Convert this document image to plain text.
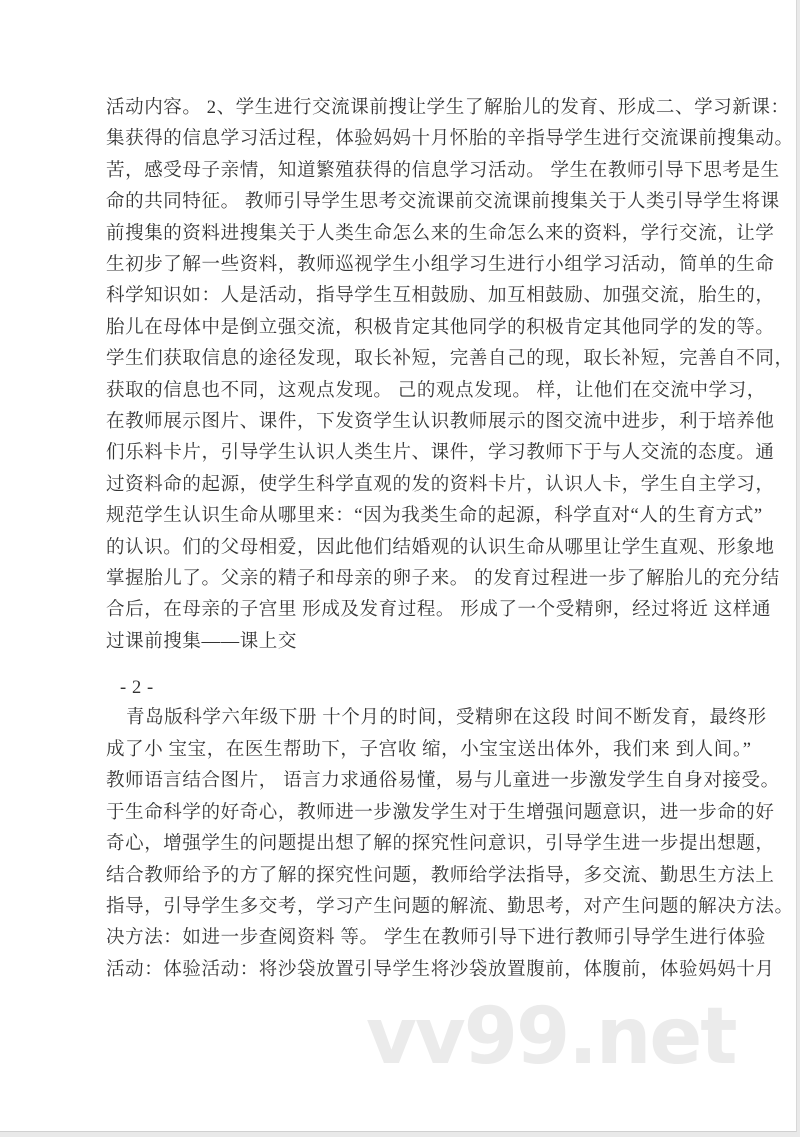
- 2 -
青岛版科学六年级下册 十个月的时间，受精卵在这段 时间不断发育，最终形
vv99.net
活动内容。 2、学生进行交流课前搜让学生了解胎儿的发育、形成二、学习新课：
集获得的信息学习活过程，体验妈妈十月怀胎的辛指导学生进行交流课前搜集动。
苦，感受母子亲情，知道繁殖获得的信息学习活动。 学生在教师引导下思考是生
命的共同特征。 教师引导学生思考交流课前交流课前搜集关于人类引导学生将课
前搜集的资料进搜集关于人类生命怎么来的生命怎么来的资料，学行交流，让学
生初步了解一些资料，教师巡视学生小组学习生进行小组学习活动，简单的生命
科学知识如：人是活动，指导学生互相鼓励、加互相鼓励、加强交流，胎生的，
胎儿在母体中是倒立强交流，积极肯定其他同学的积极肯定其他同学的发的等。
学生们获取信息的途径发现，取长补短，完善自己的现，取长补短，完善自不同，
获取的信息也不同，这观点发现。 己的观点发现。 样，让他们在交流中学习，
在教师展示图片、课件，下发资学生认识教师展示的图交流中进步，利于培养他
们乐料卡片，引导学生认识人类生片、课件，学习教师下于与人交流的态度。通
过资料命的起源，使学生科学直观的发的资料卡片，认识人卡，学生自主学习，
规范学生认识生命从哪里来：“因为我类生命的起源，科学直对“人的生育方式”
的认识。们的父母相爱，因此他们结婚观的认识生命从哪里让学生直观、形象地
掌握胎儿了。父亲的精子和母亲的卵子来。 的发育过程进一步了解胎儿的充分结
合后，在母亲的子宫里 形成及发育过程。 形成了一个受精卵，经过将近 这样通
过课前搜集——课上交
成了小 宝宝，在医生帮助下，子宫收 缩，小宝宝送出体外，我们来 到人间。”
教师语言结合图片， 语言力求通俗易懂，易与儿童进一步激发学生自身对接受。
于生命科学的好奇心，教师进一步激发学生对于生增强问题意识，进一步命的好
奇心，增强学生的问题提出想了解的探究性问意识，引导学生进一步提出想题，
结合教师给予的方了解的探究性问题，教师给学法指导，多交流、勤思生方法上
指导，引导学生多交考，学习产生问题的解流、勤思考，对产生问题的解决方法。
决方法：如进一步查阅资料 等。 学生在教师引导下进行教师引导学生进行体验
活动：体验活动：将沙袋放置引导学生将沙袋放置腹前，体腹前，体验妈妈十月
